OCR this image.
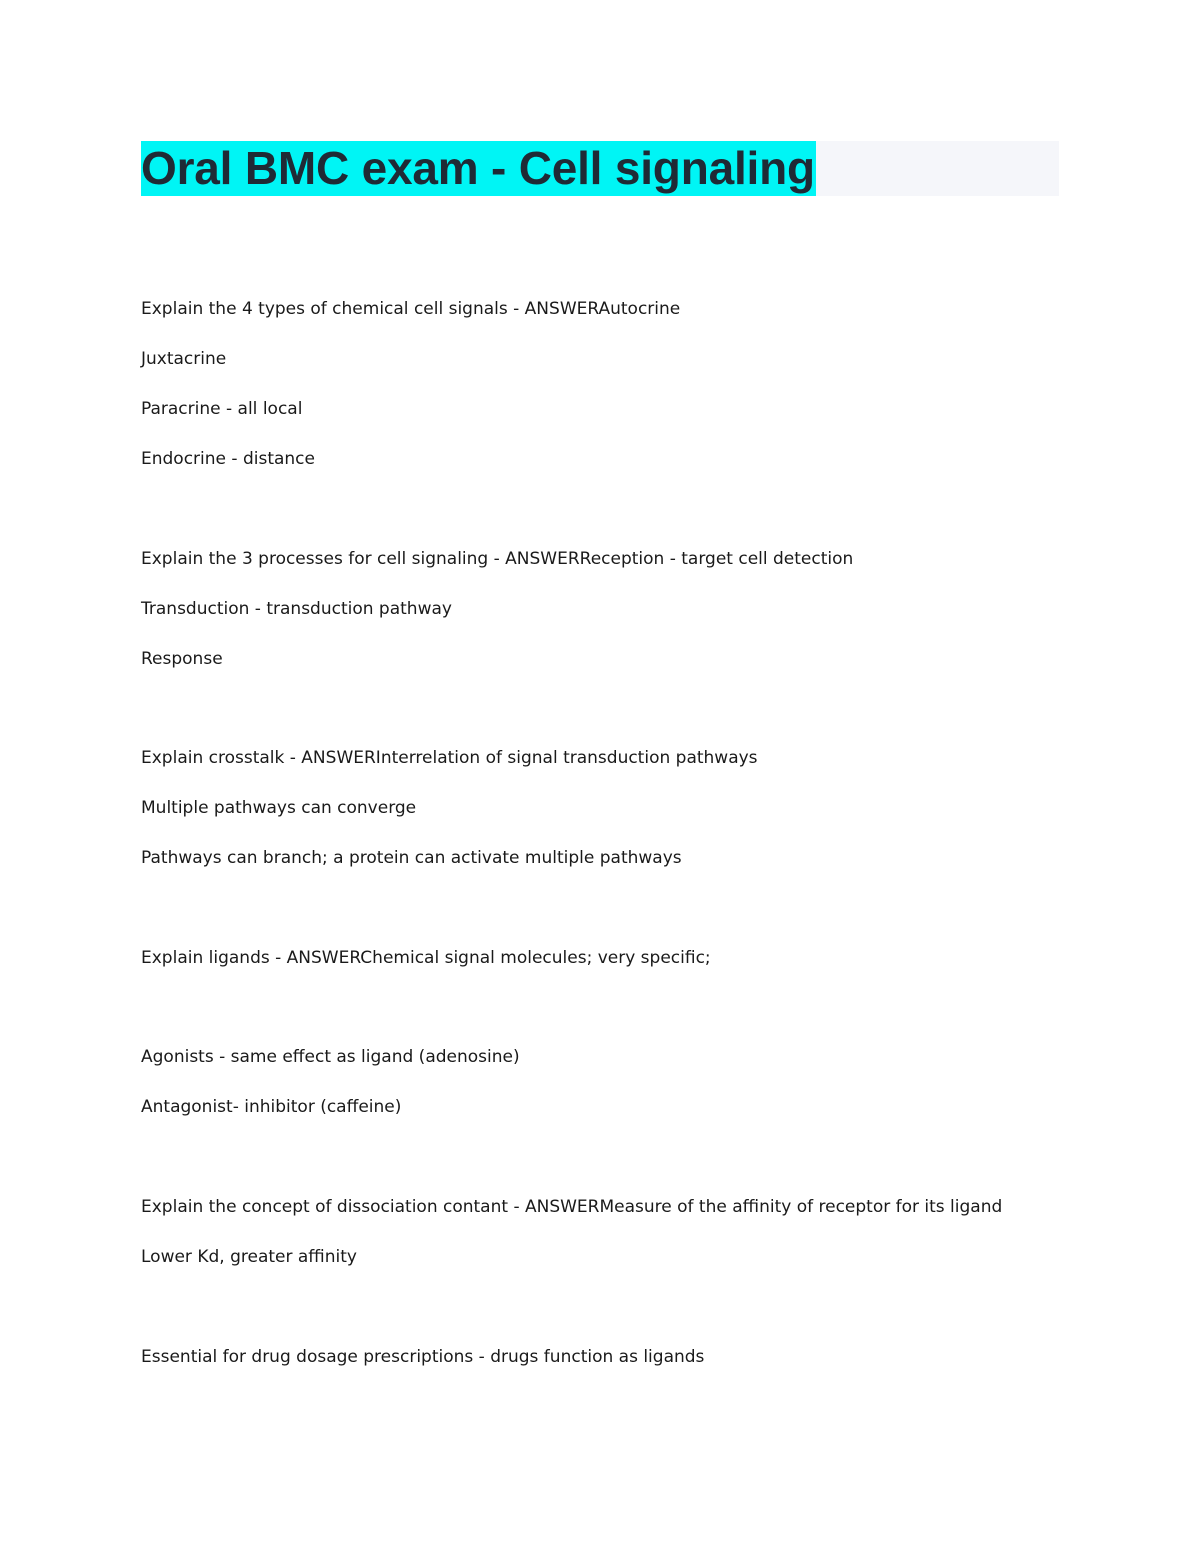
Oral BMC exam - Cell signaling
Explain the 4 types of chemical cell signals - ANSWERAutocrine
Juxtacrine
Paracrine - all local
Endocrine - distance
Explain the 3 processes for cell signaling - ANSWERReception - target cell detection
Transduction - transduction pathway
Response
Explain crosstalk - ANSWERInterrelation of signal transduction pathways
Multiple pathways can converge
Pathways can branch; a protein can activate multiple pathways
Explain ligands - ANSWERChemical signal molecules; very specific;
Agonists - same effect as ligand (adenosine)
Antagonist- inhibitor (caffeine)
Explain the concept of dissociation contant - ANSWERMeasure of the affinity of receptor for its ligand
Lower Kd, greater affinity
Essential for drug dosage prescriptions - drugs function as ligands
